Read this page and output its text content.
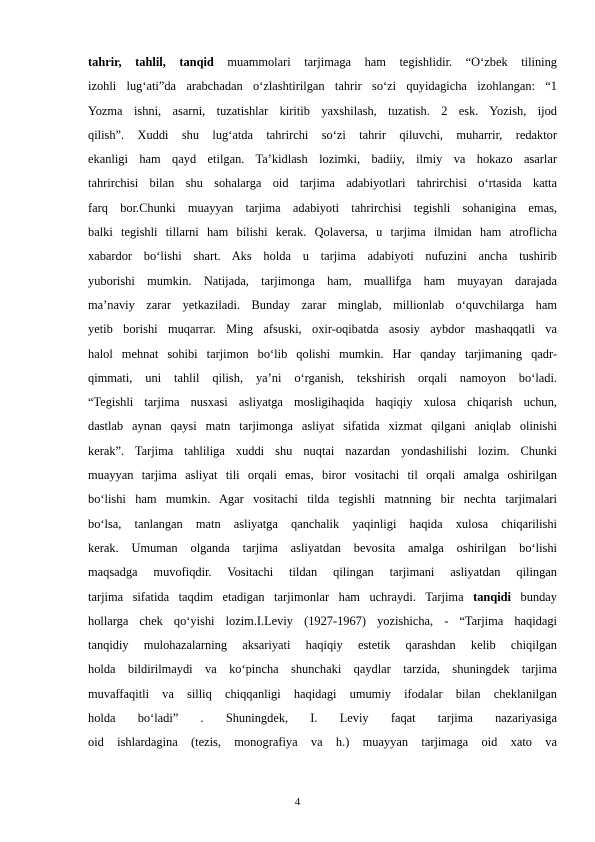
tahrir, tahlil, tanqid muammolari tarjimaga ham tegishlidir. “O‘zbek tilining
izohli lug‘ati”da arabchadan o‘zlashtirilgan tahrir so‘zi quyidagicha izohlangan: “1
Yozma ishni, asarni, tuzatishlar kiritib yaxshilash, tuzatish. 2 esk. Yozish, ijod
qilish”. Xuddi shu lug‘atda tahrirchi so‘zi tahrir qiluvchi, muharrir, redaktor
ekanligi ham qayd etilgan. Ta’kidlash lozimki, badiiy, ilmiy va hokazo asarlar
tahrirchisi bilan shu sohalarga oid tarjima adabiyotlari tahrirchisi o‘rtasida katta
farq bor.Chunki muayyan tarjima adabiyoti tahrirchisi tegishli sohanigina emas,
balki tegishli tillarni ham bilishi kerak. Qolaversa, u tarjima ilmidan ham atroflicha
xabardor bo‘lishi shart. Aks holda u tarjima adabiyoti nufuzini ancha tushirib
yuborishi mumkin. Natijada, tarjimonga ham, muallifga ham muyayan darajada
ma’naviy zarar yetkaziladi. Bunday zarar minglab, millionlab o‘quvchilarga ham
yetib borishi muqarrar. Ming afsuski, oxir-oqibatda asosiy aybdor mashaqqatli va
halol mehnat sohibi tarjimon bo‘lib qolishi mumkin. Har qanday tarjimaning qadr-
qimmati, uni tahlil qilish, ya’ni o‘rganish, tekshirish orqali namoyon bo‘ladi.
“Tegishli tarjima nusxasi asliyatga mosligihaqida haqiqiy xulosa chiqarish uchun,
dastlab aynan qaysi matn tarjimonga asliyat sifatida xizmat qilgani aniqlab olinishi
kerak”. Tarjima tahliliga xuddi shu nuqtai nazardan yondashilishi lozim. Chunki
muayyan tarjima asliyat tili orqali emas, biror vositachi til orqali amalga oshirilgan
bo‘lishi ham mumkin. Agar vositachi tilda tegishli matnning bir nechta tarjimalari
bo‘lsa, tanlangan matn asliyatga qanchalik yaqinligi haqida xulosa chiqarilishi
kerak. Umuman olganda tarjima asliyatdan bevosita amalga oshirilgan bo‘lishi
maqsadga muvofiqdir. Vositachi tildan qilingan tarjimani asliyatdan qilingan
tarjima sifatida taqdim etadigan tarjimonlar ham uchraydi. Tarjima tanqidi bunday
hollarga chek qo‘yishi lozim.I.Leviy (1927-1967) yozishicha, - “Tarjima haqidagi
tanqidiy mulohazalarning aksariyati haqiqiy estetik qarashdan kelib chiqilgan
holda bildirilmaydi va ko‘pincha shunchaki qaydlar tarzida, shuningdek tarjima
muvaffaqitli va silliq chiqqanligi haqidagi umumiy ifodalar bilan cheklanilgan
holda bo‘ladi” . Shuningdek, I. Leviy faqat tarjima nazariyasiga
oid ishlardagina (tezis, monografiya va h.) muayyan tarjimaga oid xato va
4
